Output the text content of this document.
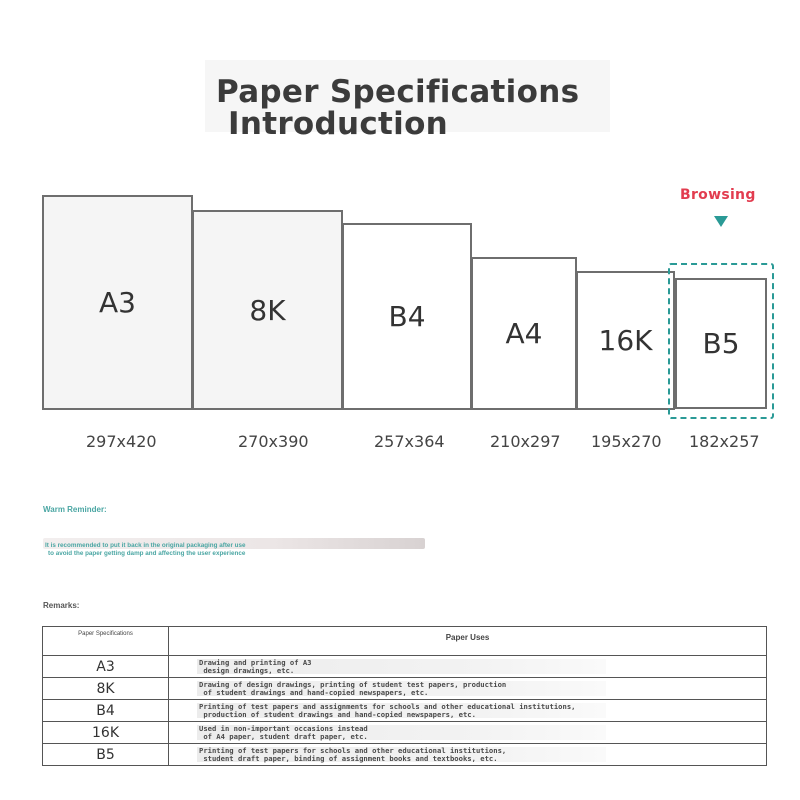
Paper Specifications
Introduction
A3	8K	B4
A4 16K B5
Browsing
297x420	270x390	257x364	210x297 195x270 182x257
Warm Reminder:
It is recommended to put it back in the original packaging after use
to avoid the paper getting damp and affecting the user experience
Remarks:
Paper Specifications	Paper Uses
A3	Drawing and printing of A3
design drawings, etc.

8K	Drawing of design drawings, printing of student test papers, production
of student drawings and hand-copied newspapers, etc.

B4	Printing of test papers and assignments for schools and other educational institutions,
production of student drawings and hand-copied newspapers, etc.

16K	Used in non-important occasions instead
of A4 paper, student draft paper, etc.

B5	Printing of test papers for schools and other educational institutions,
student draft paper, binding of assignment books and textbooks, etc.
